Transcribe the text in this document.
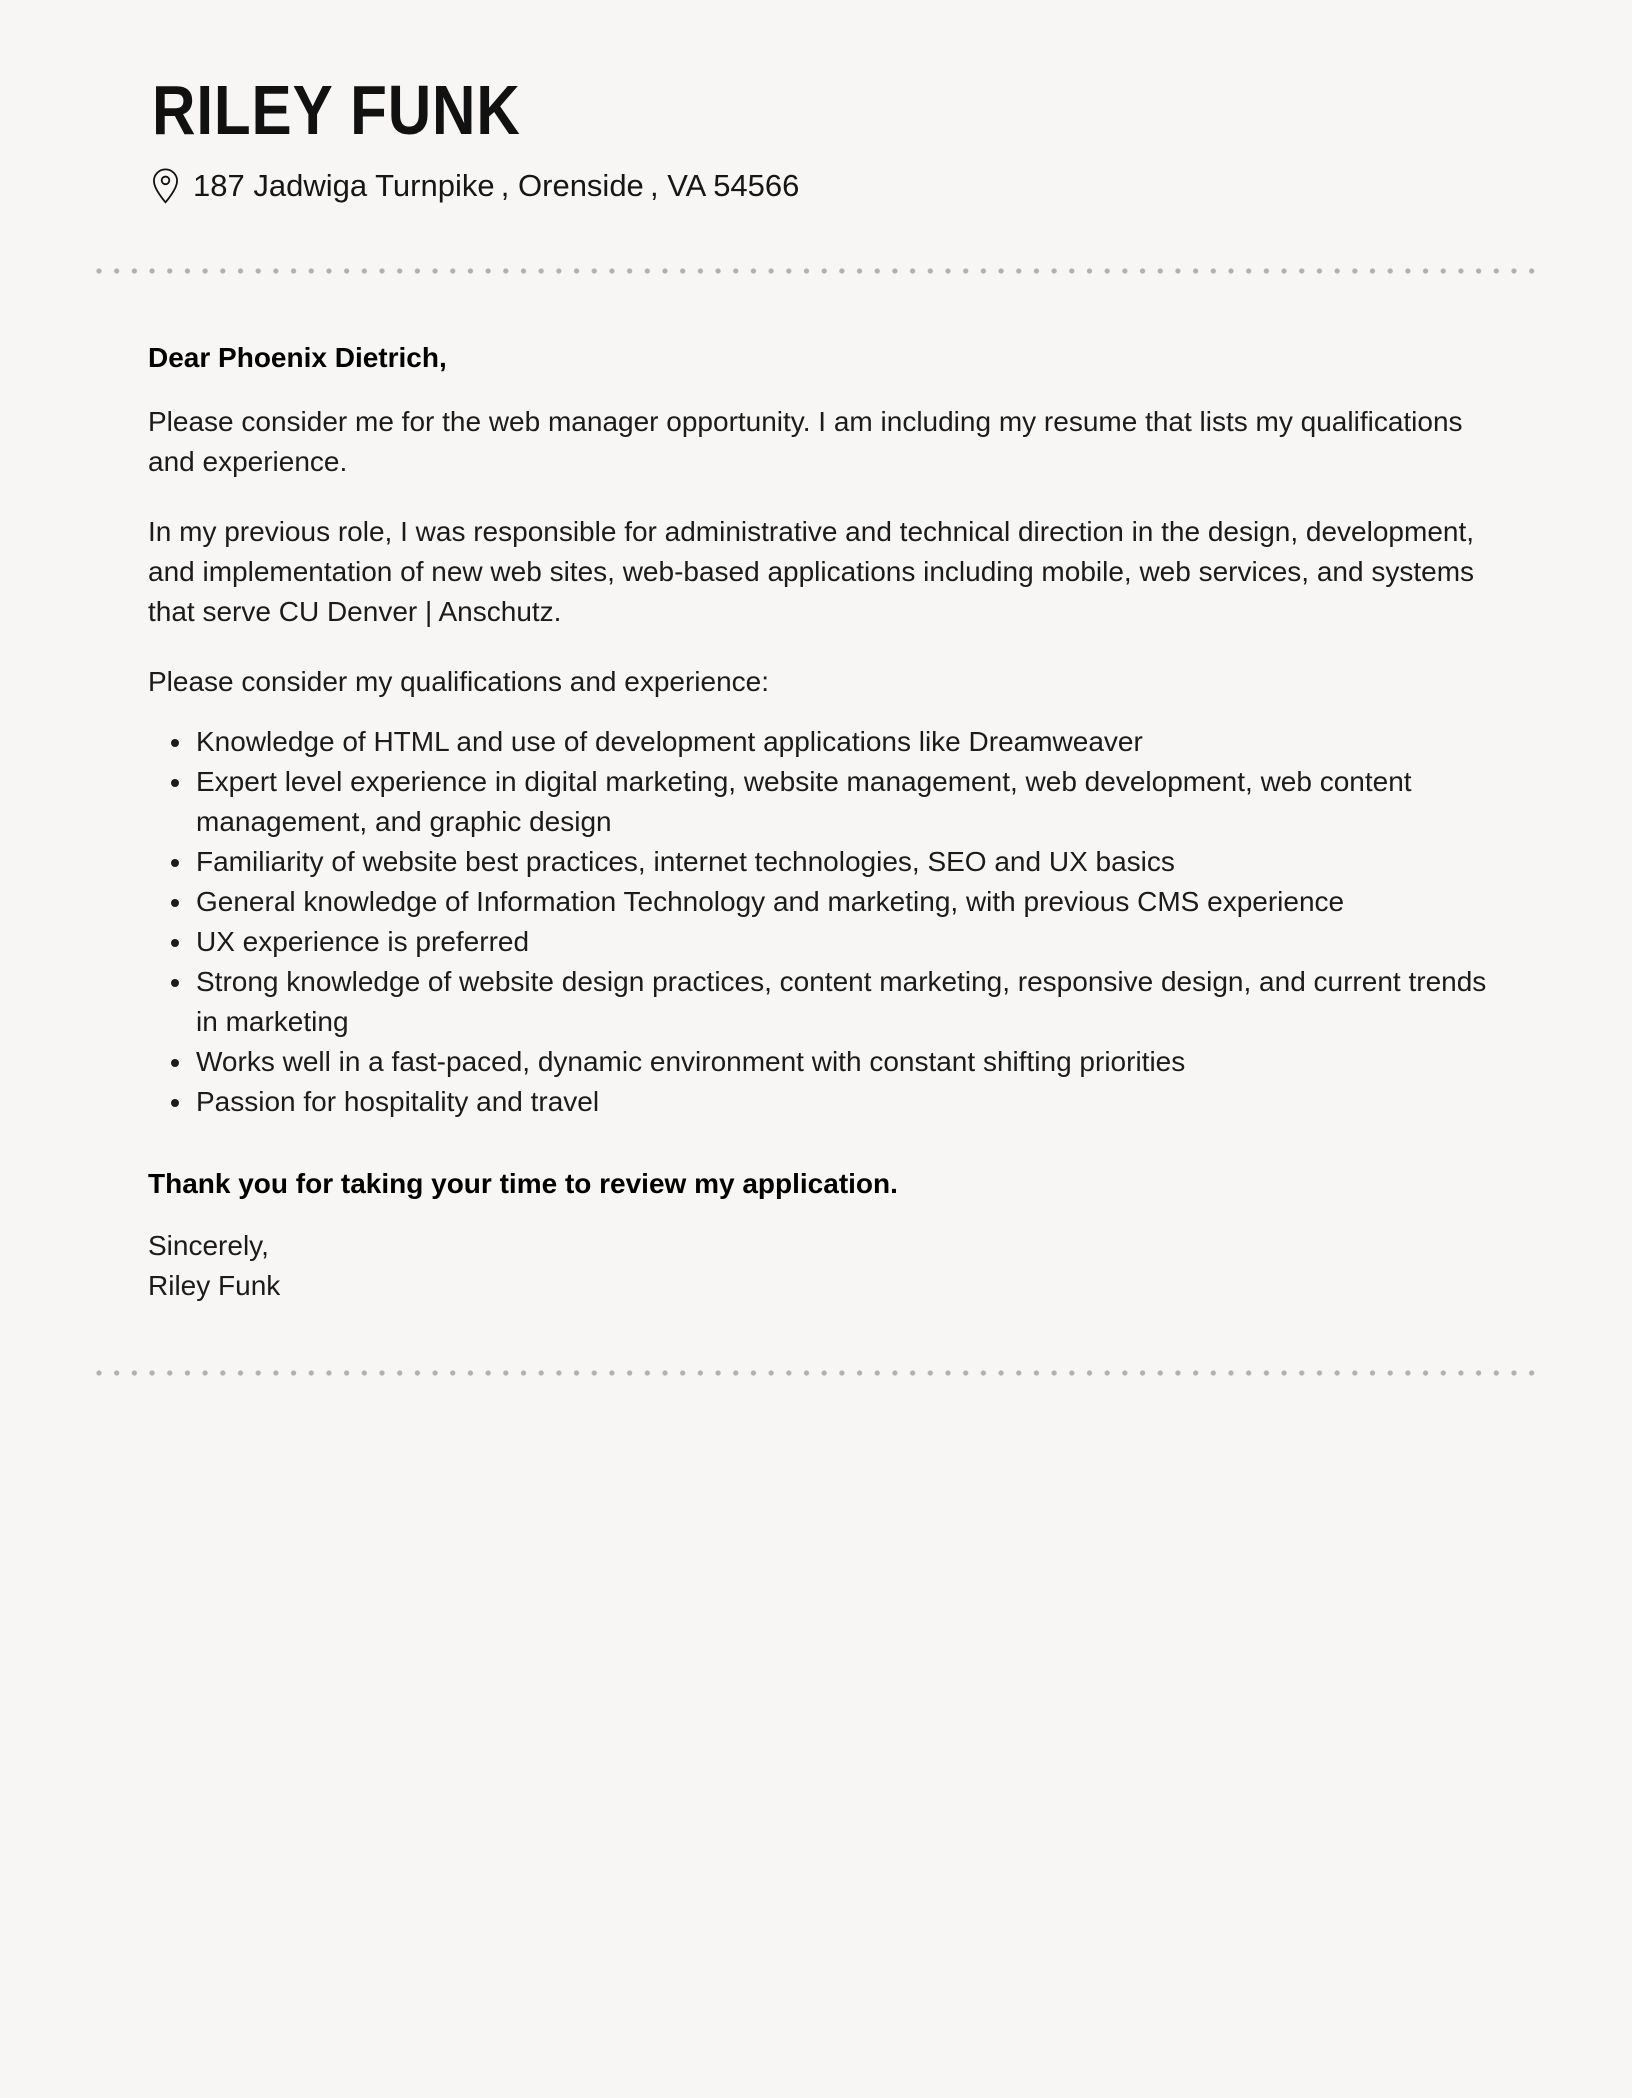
RILEY FUNK
187 Jadwiga Turnpike , Orenside , VA 54566
Dear Phoenix Dietrich,

Please consider me for the web manager opportunity. I am including my resume that lists my qualifications and experience.

In my previous role, I was responsible for administrative and technical direction in the design, development, and implementation of new web sites, web-based applications including mobile, web services, and systems that serve CU Denver | Anschutz.

Please consider my qualifications and experience:

• Knowledge of HTML and use of development applications like Dreamweaver
• Expert level experience in digital marketing, website management, web development, web content management, and graphic design
• Familiarity of website best practices, internet technologies, SEO and UX basics
• General knowledge of Information Technology and marketing, with previous CMS experience
• UX experience is preferred
• Strong knowledge of website design practices, content marketing, responsive design, and current trends in marketing
• Works well in a fast-paced, dynamic environment with constant shifting priorities
• Passion for hospitality and travel
Thank you for taking your time to review my application.
Sincerely,
Riley Funk
